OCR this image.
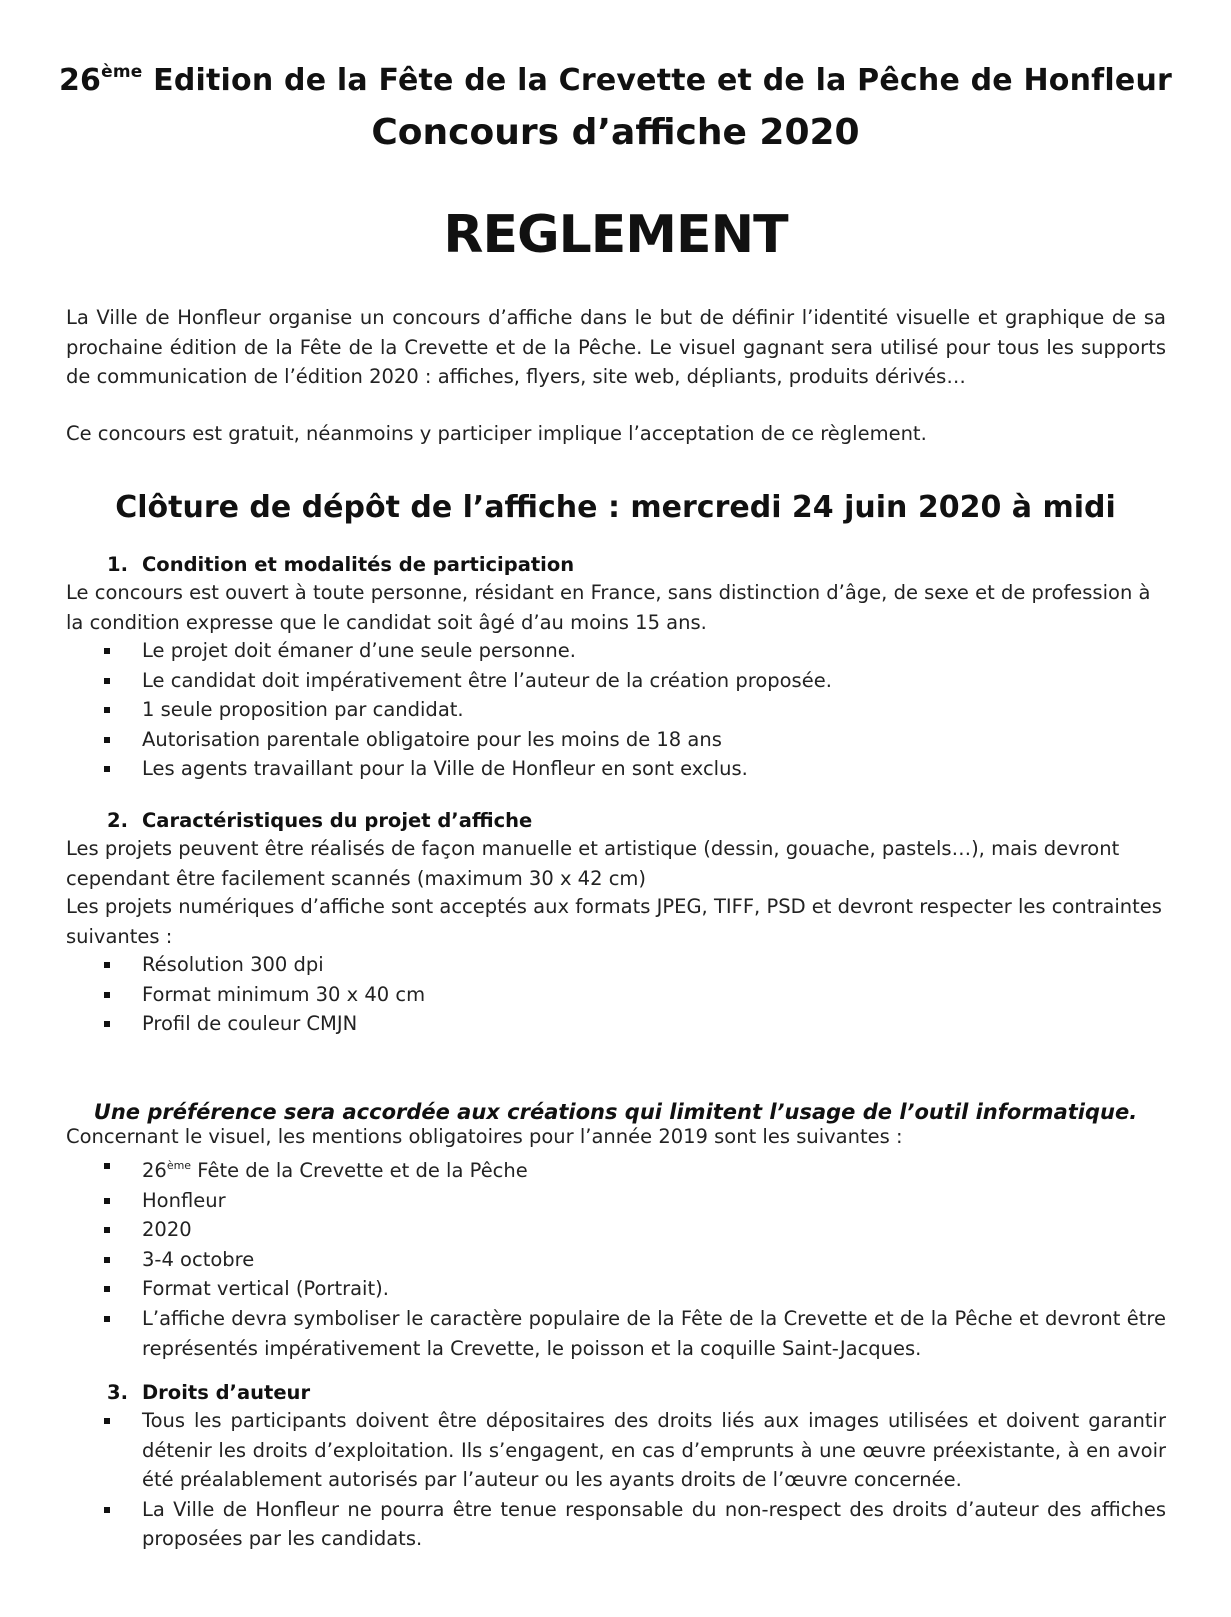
26ème Edition de la Fête de la Crevette et de la Pêche de Honfleur
Concours d’affiche 2020
REGLEMENT
La Ville de Honfleur organise un concours d’affiche dans le but de définir l’identité visuelle et graphique de sa prochaine édition de la Fête de la Crevette et de la Pêche. Le visuel gagnant sera utilisé pour tous les supports de communication de l’édition 2020 : affiches, flyers, site web, dépliants, produits dérivés…
Ce concours est gratuit, néanmoins y participer implique l’acceptation de ce règlement.
Clôture de dépôt de l’affiche : mercredi 24 juin 2020 à midi
1. Condition et modalités de participation
Le concours est ouvert à toute personne, résidant en France, sans distinction d’âge, de sexe et de profession à la condition expresse que le candidat soit âgé d’au moins 15 ans.
Le projet doit émaner d’une seule personne.
Le candidat doit impérativement être l’auteur de la création proposée.
1 seule proposition par candidat.
Autorisation parentale obligatoire pour les moins de 18 ans
Les agents travaillant pour la Ville de Honfleur en sont exclus.
2. Caractéristiques du projet d’affiche
Les projets peuvent être réalisés de façon manuelle et artistique (dessin, gouache, pastels…), mais devront cependant être facilement scannés (maximum 30 x 42 cm)
Les projets numériques d’affiche sont acceptés aux formats JPEG, TIFF, PSD et devront respecter les contraintes suivantes :
Résolution 300 dpi
Format minimum 30 x 40 cm
Profil de couleur CMJN
Une préférence sera accordée aux créations qui limitent l’usage de l’outil informatique.
Concernant le visuel, les mentions obligatoires pour l’année 2019 sont les suivantes :
26ème Fête de la Crevette et de la Pêche
Honfleur
2020
3-4 octobre
Format vertical (Portrait).
L’affiche devra symboliser le caractère populaire de la Fête de la Crevette et de la Pêche et devront être représentés impérativement la Crevette, le poisson et la coquille Saint-Jacques.
3. Droits d’auteur
Tous les participants doivent être dépositaires des droits liés aux images utilisées et doivent garantir détenir les droits d’exploitation. Ils s’engagent, en cas d’emprunts à une œuvre préexistante, à en avoir été préalablement autorisés par l’auteur ou les ayants droits de l’œuvre concernée.
La Ville de Honfleur ne pourra être tenue responsable du non-respect des droits d’auteur des affiches proposées par les candidats.
